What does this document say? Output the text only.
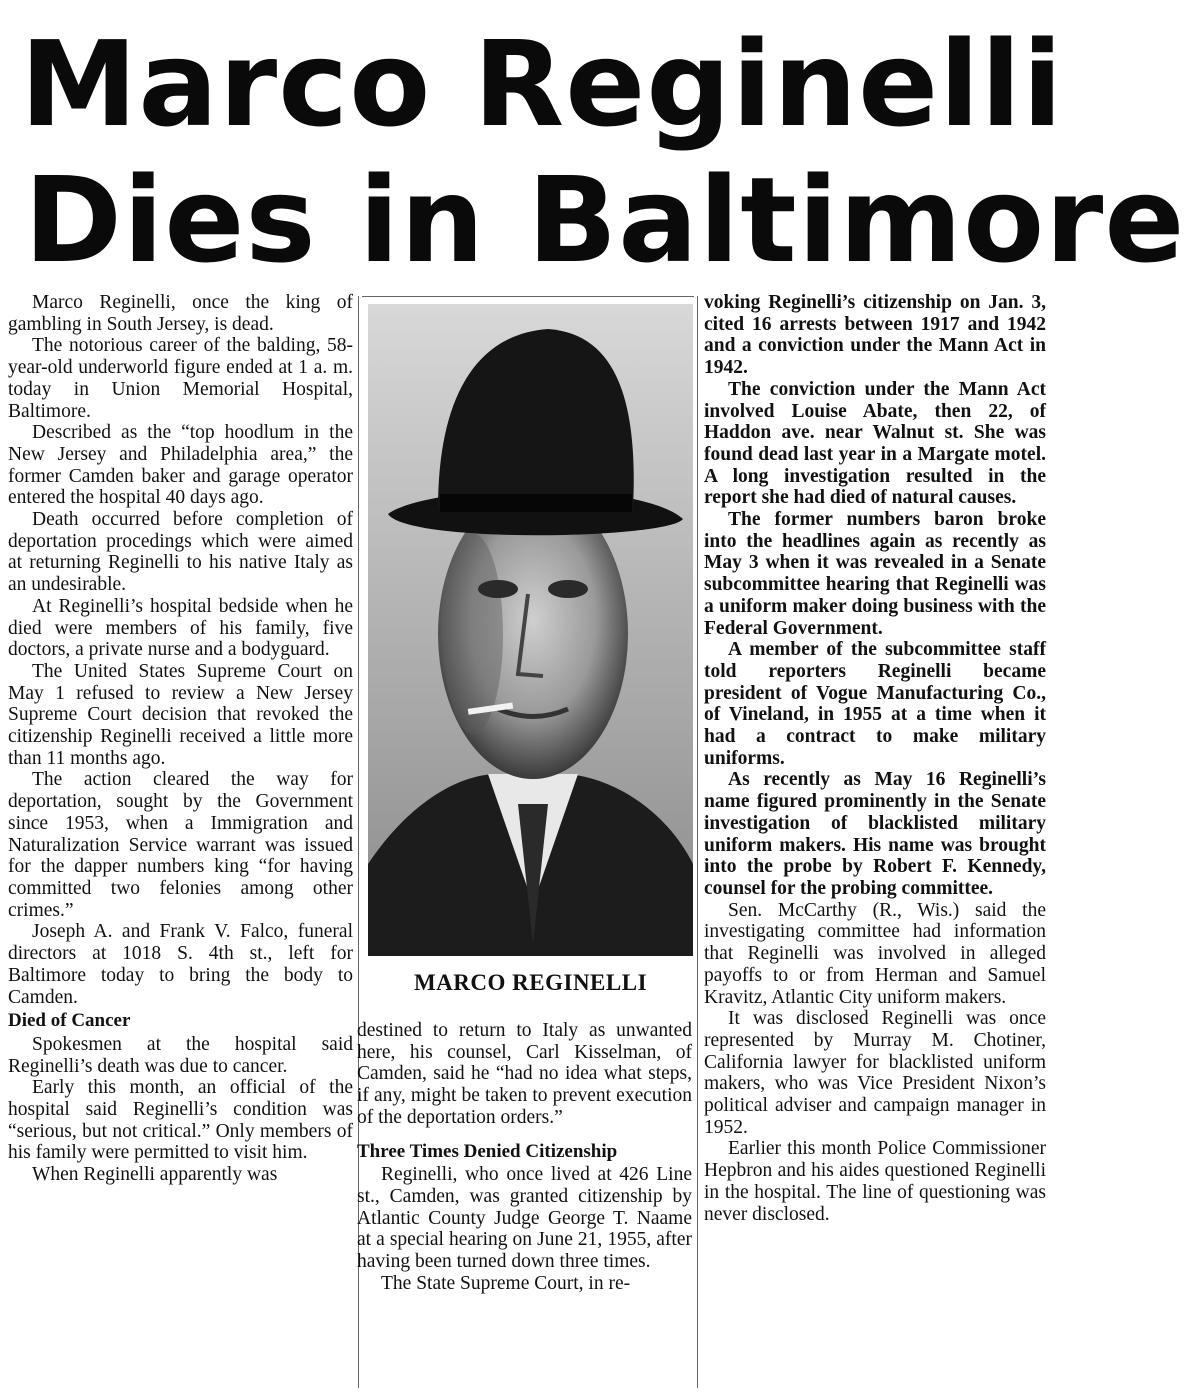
Marco Reginelli
Dies in Baltimore

Marco Reginelli, once the king of gambling in South Jersey, is dead.

The notorious career of the balding, 58-year-old underworld figure ended at 1 a. m. today in Union Memorial Hospital, Baltimore.

Described as the “top hoodlum in the New Jersey and Philadelphia area,” the former Camden baker and garage operator entered the hospital 40 days ago.

Death occurred before completion of deportation procedings which were aimed at returning Reginelli to his native Italy as an undesirable.

At Reginelli’s hospital bedside when he died were members of his family, five doctors, a private nurse and a bodyguard.

The United States Supreme Court on May 1 refused to review a New Jersey Supreme Court decision that revoked the citizenship Reginelli received a little more than 11 months ago.

The action cleared the way for deportation, sought by the Government since 1953, when a Immigration and Naturalization Service warrant was issued for the dapper numbers king “for having committed two felonies among other crimes.”

Joseph A. and Frank V. Falco, funeral directors at 1018 S. 4th st., left for Baltimore today to bring the body to Camden.

Died of Cancer

Spokesmen at the hospital said Reginelli’s death was due to cancer.

Early this month, an official of the hospital said Reginelli’s condition was “serious, but not critical.” Only members of his family were permitted to visit him.

When Reginelli apparently was

MARCO REGINELLI

destined to return to Italy as unwanted here, his counsel, Carl Kisselman, of Camden, said he “had no idea what steps, if any, might be taken to prevent execution of the deportation orders.”

Three Times Denied Citizenship

Reginelli, who once lived at 426 Line st., Camden, was granted citizenship by Atlantic County Judge George T. Naame at a special hearing on June 21, 1955, after having been turned down three times.

The State Supreme Court, in re-

voking Reginelli’s citizenship on Jan. 3, cited 16 arrests between 1917 and 1942 and a conviction under the Mann Act in 1942.

The conviction under the Mann Act involved Louise Abate, then 22, of Haddon ave. near Walnut st. She was found dead last year in a Margate motel. A long investigation resulted in the report she had died of natural causes.

The former numbers baron broke into the headlines again as recently as May 3 when it was revealed in a Senate subcommittee hearing that Reginelli was a uniform maker doing business with the Federal Government.

A member of the subcommittee staff told reporters Reginelli became president of Vogue Manufacturing Co., of Vineland, in 1955 at a time when it had a contract to make military uniforms.

As recently as May 16 Reginelli’s name figured prominently in the Senate investigation of blacklisted military uniform makers. His name was brought into the probe by Robert F. Kennedy, counsel for the probing committee.

Sen. McCarthy (R., Wis.) said the investigating committee had information that Reginelli was involved in alleged payoffs to or from Herman and Samuel Kravitz, Atlantic City uniform makers.

It was disclosed Reginelli was once represented by Murray M. Chotiner, California lawyer for blacklisted uniform makers, who was Vice President Nixon’s political adviser and campaign manager in 1952.

Earlier this month Police Commissioner Hepbron and his aides questioned Reginelli in the hospital. The line of questioning was never disclosed.
